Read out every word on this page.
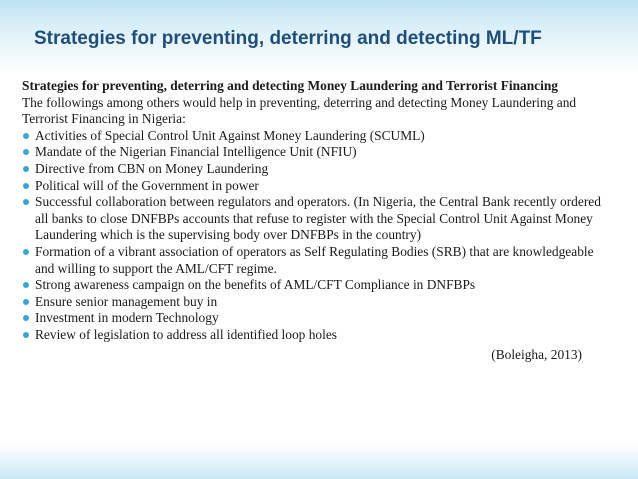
Strategies for preventing, deterring and detecting ML/TF

Strategies for preventing, deterring and detecting Money Laundering and Terrorist Financing

The followings among others would help in preventing, deterring and detecting Money Laundering and Terrorist Financing in Nigeria:

Activities of Special Control Unit Against Money Laundering (SCUML)
Mandate of the Nigerian Financial Intelligence Unit (NFIU)
Directive from CBN on Money Laundering
Political will of the Government in power
Successful collaboration between regulators and operators. (In Nigeria, the Central Bank recently ordered all banks to close DNFBPs accounts that refuse to register with the Special Control Unit Against Money Laundering which is the supervising body over DNFBPs in the country)
Formation of a vibrant association of operators as Self Regulating Bodies (SRB) that are knowledgeable and willing to support the AML/CFT regime.
Strong awareness campaign on the benefits of AML/CFT Compliance in DNFBPs
Ensure senior management buy in
Investment in modern Technology
Review of legislation to address all identified loop holes
(Boleigha, 2013)
